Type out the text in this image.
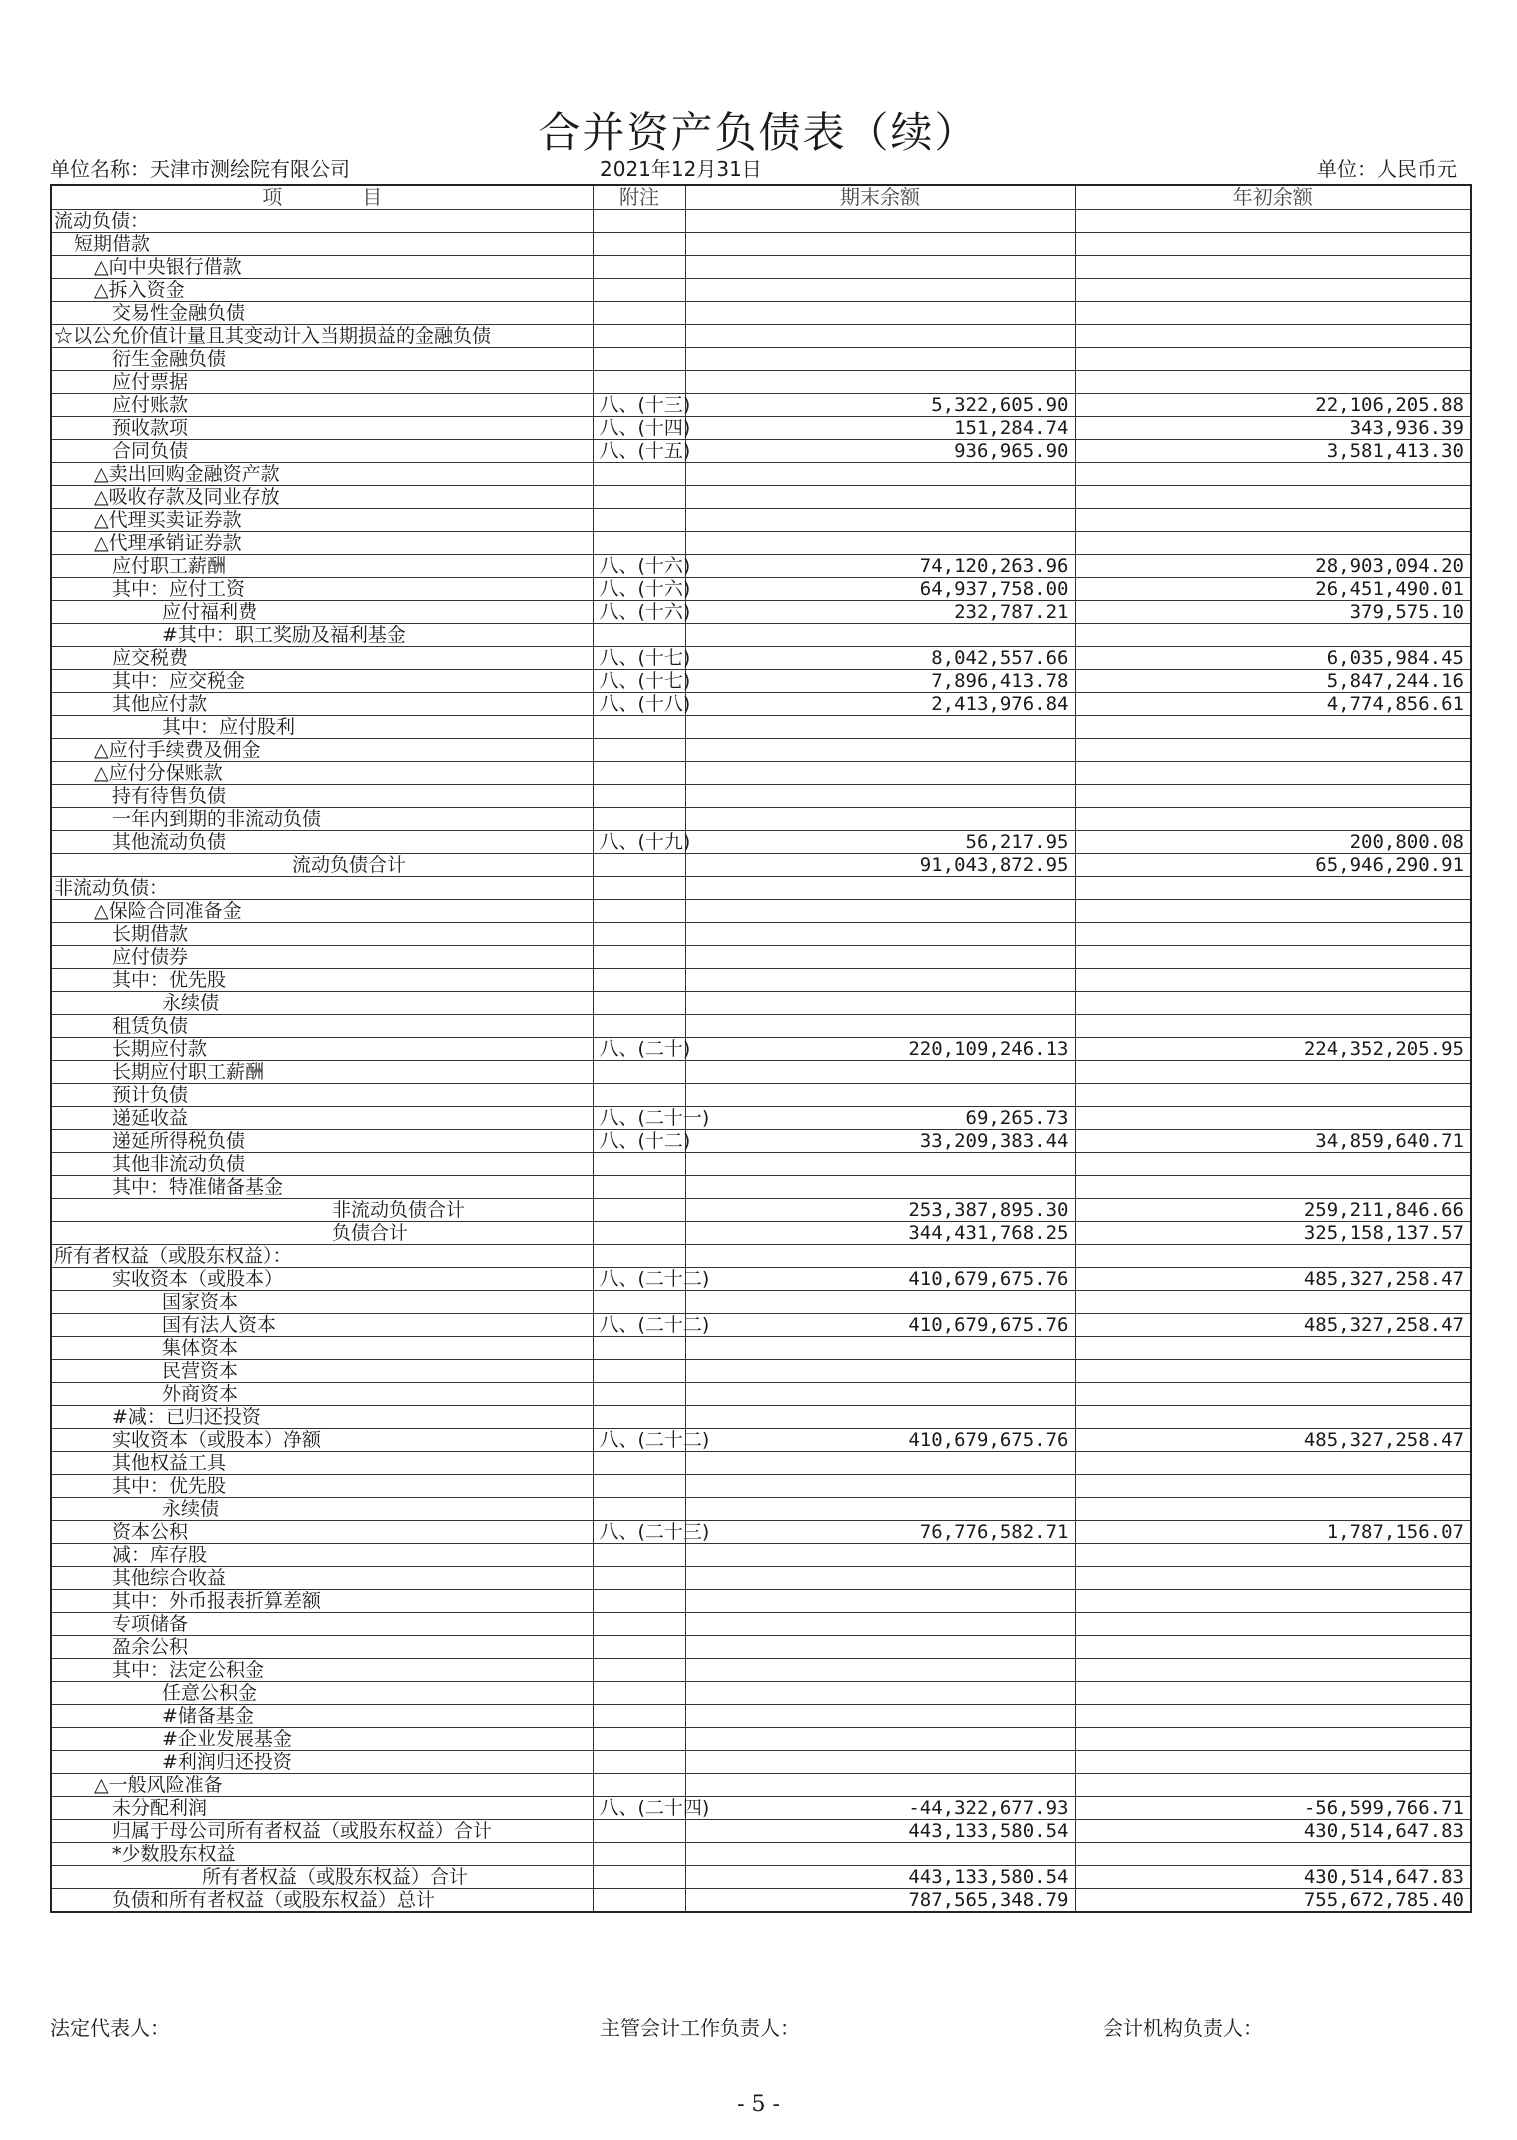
合并资产负债表（续）
单位名称：天津市测绘院有限公司	2021年12月31日	单位：人民币元
项　　　　目	附注	期末余额	年初余额
流动负债：			
短期借款			
△向中央银行借款			
△拆入资金			
交易性金融负债			
☆以公允价值计量且其变动计入当期损益的金融负债			
衍生金融负债			
应付票据			
应付账款	八、(十三)	5,322,605.90	22,106,205.88
预收款项	八、(十四)	151,284.74	343,936.39
合同负债	八、(十五)	936,965.90	3,581,413.30
△卖出回购金融资产款			
△吸收存款及同业存放			
△代理买卖证券款			
△代理承销证券款			
应付职工薪酬	八、(十六)	74,120,263.96	28,903,094.20
其中：应付工资	八、(十六)	64,937,758.00	26,451,490.01
应付福利费	八、(十六)	232,787.21	379,575.10
#其中：职工奖励及福利基金			
应交税费	八、(十七)	8,042,557.66	6,035,984.45
其中：应交税金	八、(十七)	7,896,413.78	5,847,244.16
其他应付款	八、(十八)	2,413,976.84	4,774,856.61
其中：应付股利			
△应付手续费及佣金			
△应付分保账款			
持有待售负债			
一年内到期的非流动负债			
其他流动负债	八、(十九)	56,217.95	200,800.08
流动负债合计		91,043,872.95	65,946,290.91
非流动负债：			
△保险合同准备金			
长期借款			
应付债券			
其中：优先股			
永续债			
租赁负债			
长期应付款	八、(二十)	220,109,246.13	224,352,205.95
长期应付职工薪酬			
预计负债			
递延收益	八、(二十一)	69,265.73	
递延所得税负债	八、(十二)	33,209,383.44	34,859,640.71
其他非流动负债			
其中：特准储备基金			
非流动负债合计		253,387,895.30	259,211,846.66
负债合计		344,431,768.25	325,158,137.57
所有者权益（或股东权益）：			
实收资本（或股本）	八、(二十二)	410,679,675.76	485,327,258.47
国家资本			
国有法人资本	八、(二十二)	410,679,675.76	485,327,258.47
集体资本			
民营资本			
外商资本			
#减：已归还投资			
实收资本（或股本）净额	八、(二十二)	410,679,675.76	485,327,258.47
其他权益工具			
其中：优先股			
永续债			
资本公积	八、(二十三)	76,776,582.71	1,787,156.07
减：库存股			
其他综合收益			
其中：外币报表折算差额			
专项储备			
盈余公积			
其中：法定公积金			
任意公积金			
#储备基金			
#企业发展基金			
#利润归还投资			
△一般风险准备			
未分配利润	八、(二十四)	-44,322,677.93	-56,599,766.71
归属于母公司所有者权益（或股东权益）合计		443,133,580.54	430,514,647.83
*少数股东权益			
所有者权益（或股东权益）合计		443,133,580.54	430,514,647.83
负债和所有者权益（或股东权益）总计		787,565,348.79	755,672,785.40
法定代表人：	主管会计工作负责人：	会计机构负责人：
- 5 -
